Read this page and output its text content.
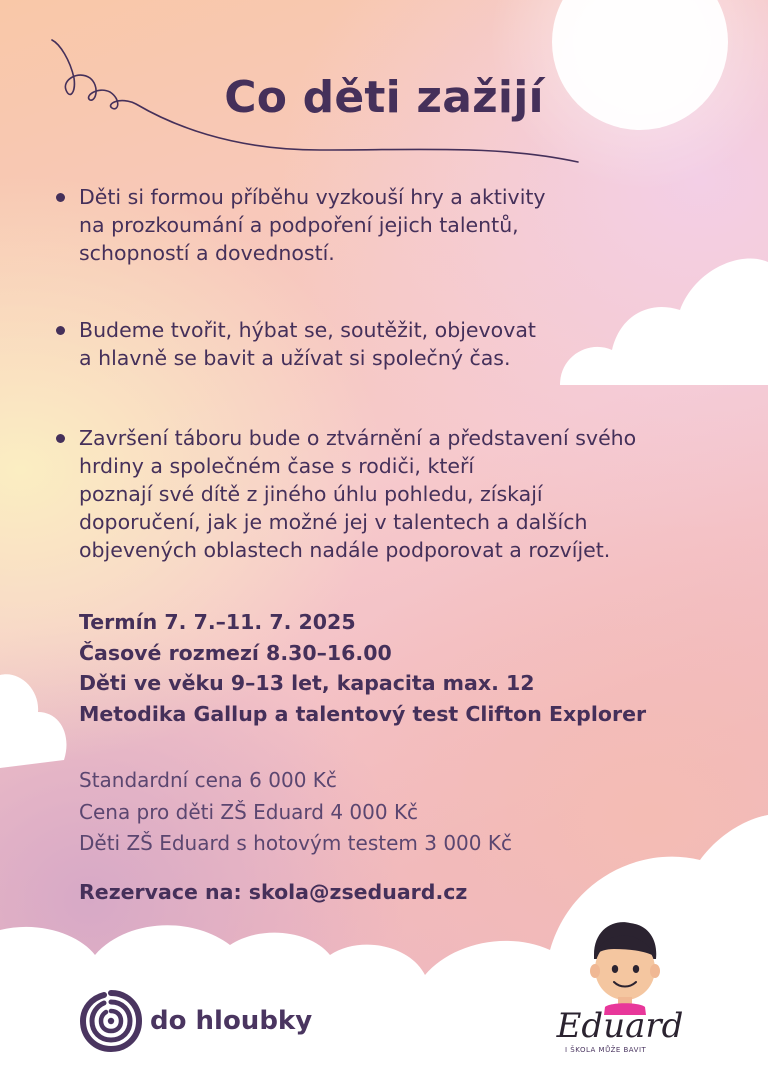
Co děti zažijí
Děti si formou příběhu vyzkouší hry a aktivity
na prozkoumání a podpoření jejich talentů,
schopností a dovedností.
Budeme tvořit, hýbat se, soutěžit, objevovat
a hlavně se bavit a užívat si společný čas.
Završení táboru bude o ztvárnění a představení svého
hrdiny a společném čase s rodiči, kteří
poznají své dítě z jiného úhlu pohledu, získají
doporučení, jak je možné jej v talentech a dalších
objevených oblastech nadále podporovat a rozvíjet.
Termín 7. 7.–11. 7. 2025
Časové rozmezí 8.30–16.00
Děti ve věku 9–13 let, kapacita max. 12
Metodika Gallup a talentový test Clifton Explorer
Standardní cena 6 000 Kč
Cena pro děti ZŠ Eduard 4 000 Kč
Děti ZŠ Eduard s hotovým testem 3 000 Kč
Rezervace na: skola@zseduard.cz
do hloubky	Eduard
I ŠKOLA MŮŽE BAVIT
